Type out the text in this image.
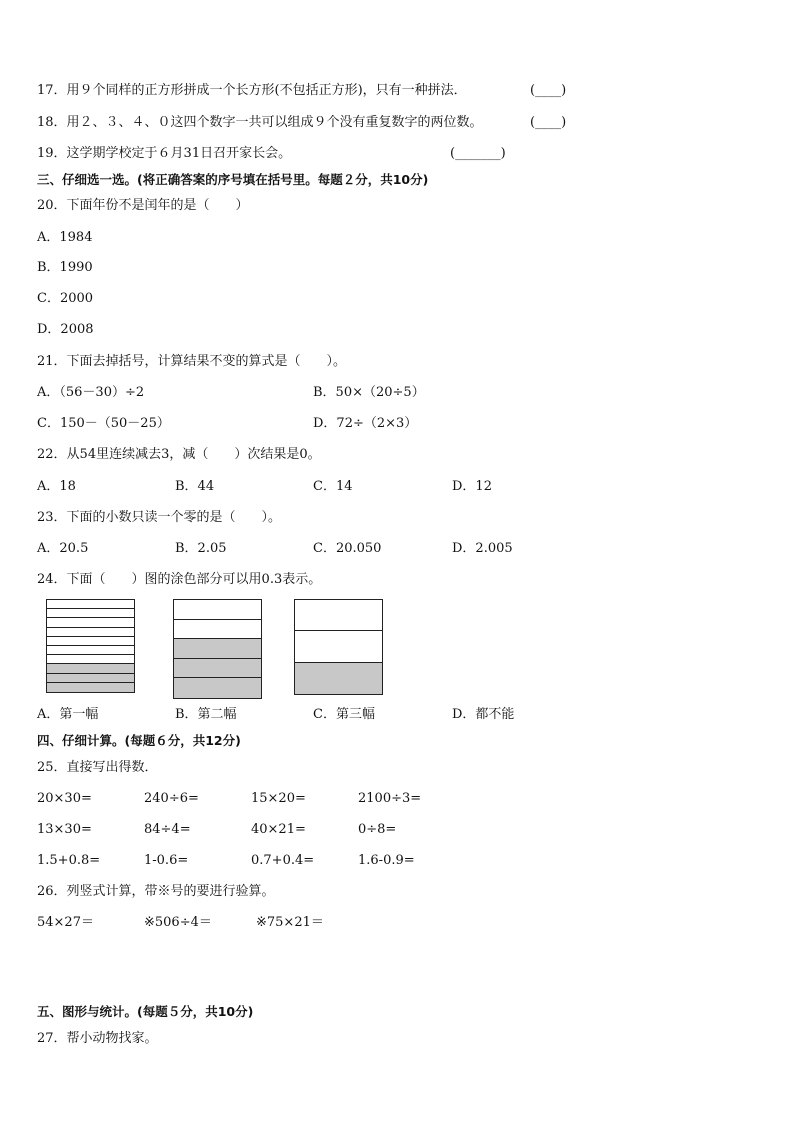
17．用９个同样的正方形拼成一个长方形(不包括正方形)，只有一种拼法．	(____)
18．用２、３、４、０这四个数字一共可以组成９个没有重复数字的两位数。	(____)
19．这学期学校定于６月31日召开家长会。	(_______)
三、仔细选一选。(将正确答案的序号填在括号里。每题２分，共10分)
20．下面年份不是闰年的是（　　）
A．1984
B．1990
C．2000
D．2008
21．下面去掉括号，计算结果不变的算式是（　　）。
A．（56－30）÷2	B．50×（20÷5）
C．150－（50－25）	D．72÷（2×3）
22．从54里连续减去3，减（　　）次结果是0。
A．18	B．44	C．14	D．12
23．下面的小数只读一个零的是（　　）。
A．20.5	B．2.05	C．20.050	D．2.005
24．下面（　　）图的涂色部分可以用0.3表示。
A．第一幅	B．第二幅	C．第三幅	D．都不能
四、仔细计算。(每题６分，共12分)
25．直接写出得数．
20×30=	240÷6=	15×20=	2100÷3=
13×30=	84÷4=	40×21=	0÷8=
1.5+0.8=	1-0.6=	0.7+0.4=	1.6-0.9=
26．列竖式计算，带※号的要进行验算。
54×27＝	※506÷4＝	※75×21＝
五、图形与统计。(每题５分，共10分)
27．帮小动物找家。
